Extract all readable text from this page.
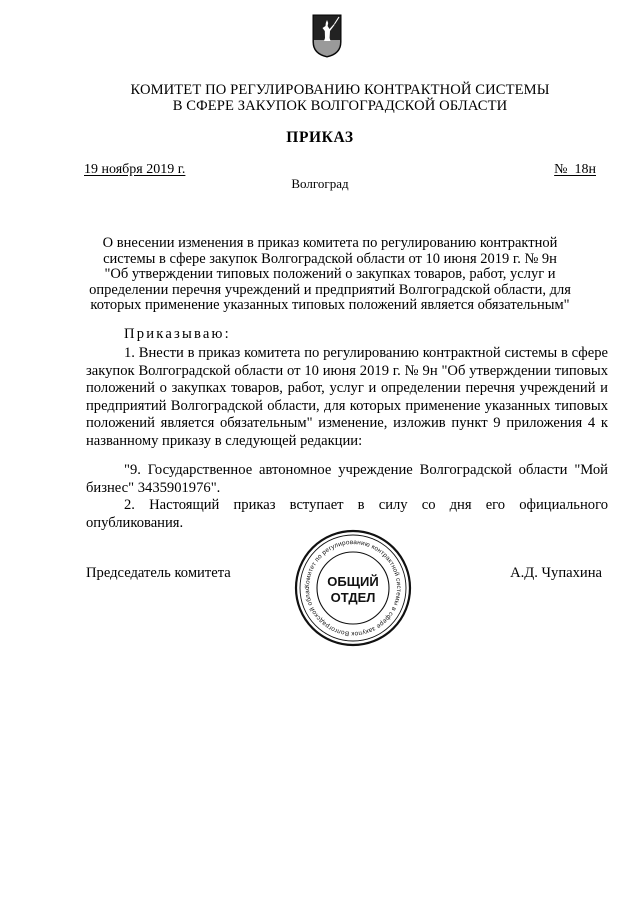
КОМИТЕТ ПО РЕГУЛИРОВАНИЮ КОНТРАКТНОЙ СИСТЕМЫ
В СФЕРЕ ЗАКУПОК ВОЛГОГРАДСКОЙ ОБЛАСТИ
ПРИКАЗ
19 ноября 2019 г.	№  18н
Волгоград
О внесении изменения в приказ комитета по регулированию контрактной
системы в сфере закупок Волгоградской области от 10 июня 2019 г. № 9н
"Об утверждении типовых положений о закупках товаров, работ, услуг и
определении перечня учреждений и предприятий Волгоградской области, для
которых применение указанных типовых положений является обязательным"
Приказываю:
1. Внести в приказ комитета по регулированию контрактной системы в сфере закупок Волгоградской области от 10 июня 2019 г. № 9н "Об утверждении типовых положений о закупках товаров, работ, услуг и определении перечня учреждений и предприятий Волгоградской области, для которых применение указанных типовых положений является обязательным" изменение, изложив пункт 9 приложения 4 к названному приказу в следующей редакции:
"9. Государственное автономное учреждение Волгоградской области "Мой бизнес" 3435901976".
2. Настоящий приказ вступает в силу со дня его официального опубликования.
Председатель комитета	А.Д. Чупахина
Комитет по регулированию контрактной системы в сфере закупок Волгоградской облас	ОБЩИЙ
ОТДЕЛ
